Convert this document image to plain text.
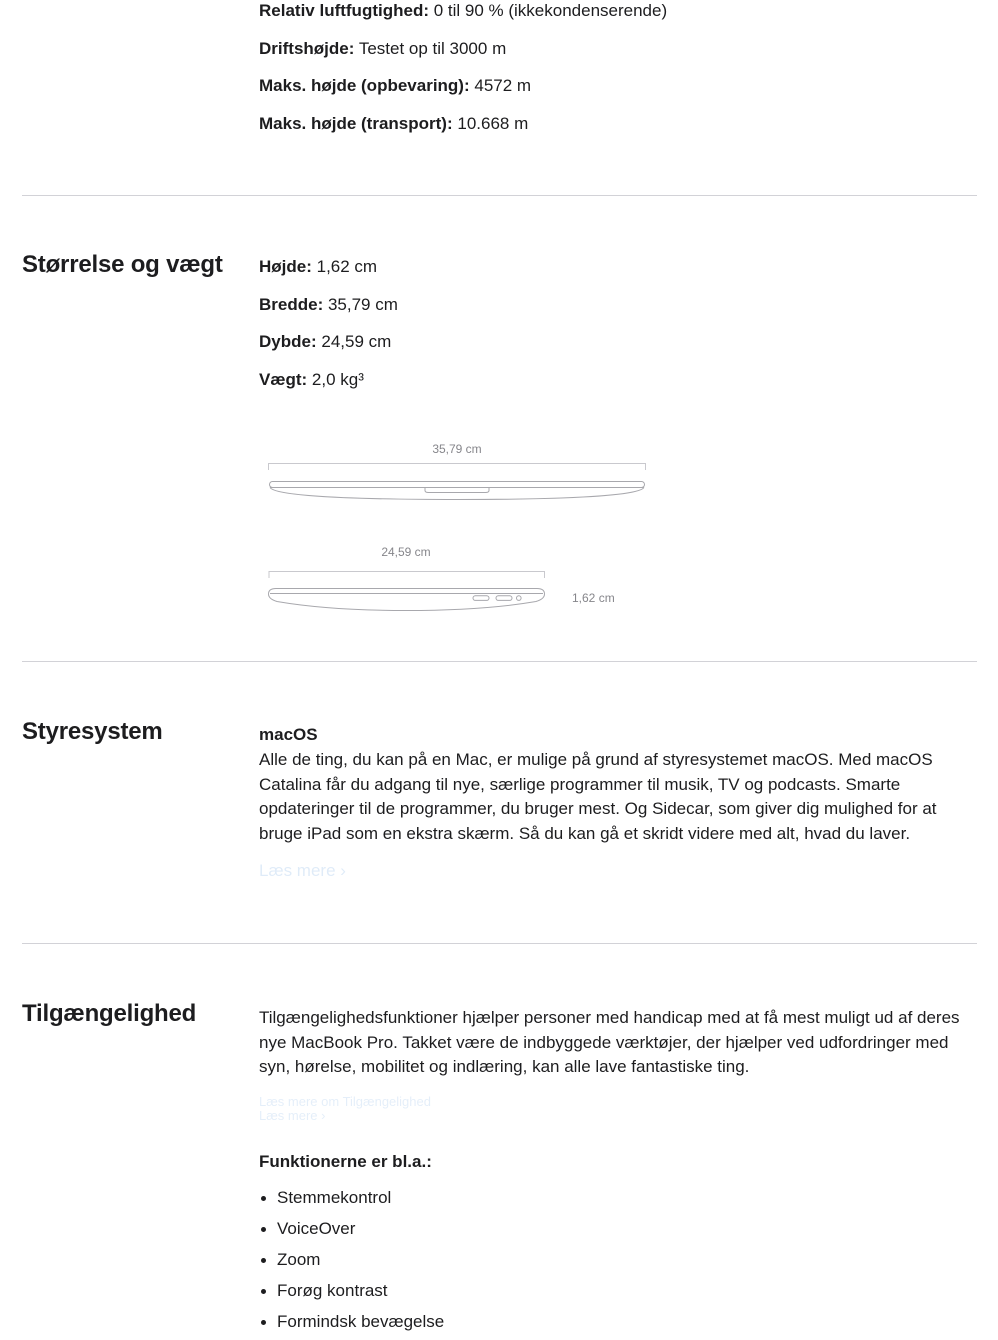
Relativ luftfugtighed: 0 til 90 % (ikkekondenserende)

Driftshøjde: Testet op til 3000 m

Maks. højde (opbevaring): 4572 m

Maks. højde (transport): 10.668 m

Størrelse og vægt Højde: 1,62 cm

Bredde: 35,79 cm

Dybde: 24,59 cm

Vægt: 2,0 kg³

35,79 cm
24,59 cm
1,62 cm
Styresystem	macOS

Alle de ting, du kan på en Mac, er mulige på grund af styresystemet macOS. Med macOS Catalina får du adgang til nye, særlige programmer til musik, TV og podcasts. Smarte opdateringer til de programmer, du bruger mest. Og Sidecar, som giver dig mulighed for at bruge iPad som en ekstra skærm. Så du kan gå et skridt videre med alt, hvad du laver.

Læs mere ›
Tilgængelighed	Tilgængelighedsfunktioner hjælper personer med handicap med at få mest muligt ud af deres nye MacBook Pro. Takket være de indbyggede værktøjer, der hjælper ved udfordringer med syn, hørelse, mobilitet og indlæring, kan alle lave fantastiske ting.

Læs mere om Tilgængelighed
Læs mere ›

Funktionerne er bl.a.:

Stemmekontrol
VoiceOver
Zoom
Forøg kontrast
Formindsk bevægelse
